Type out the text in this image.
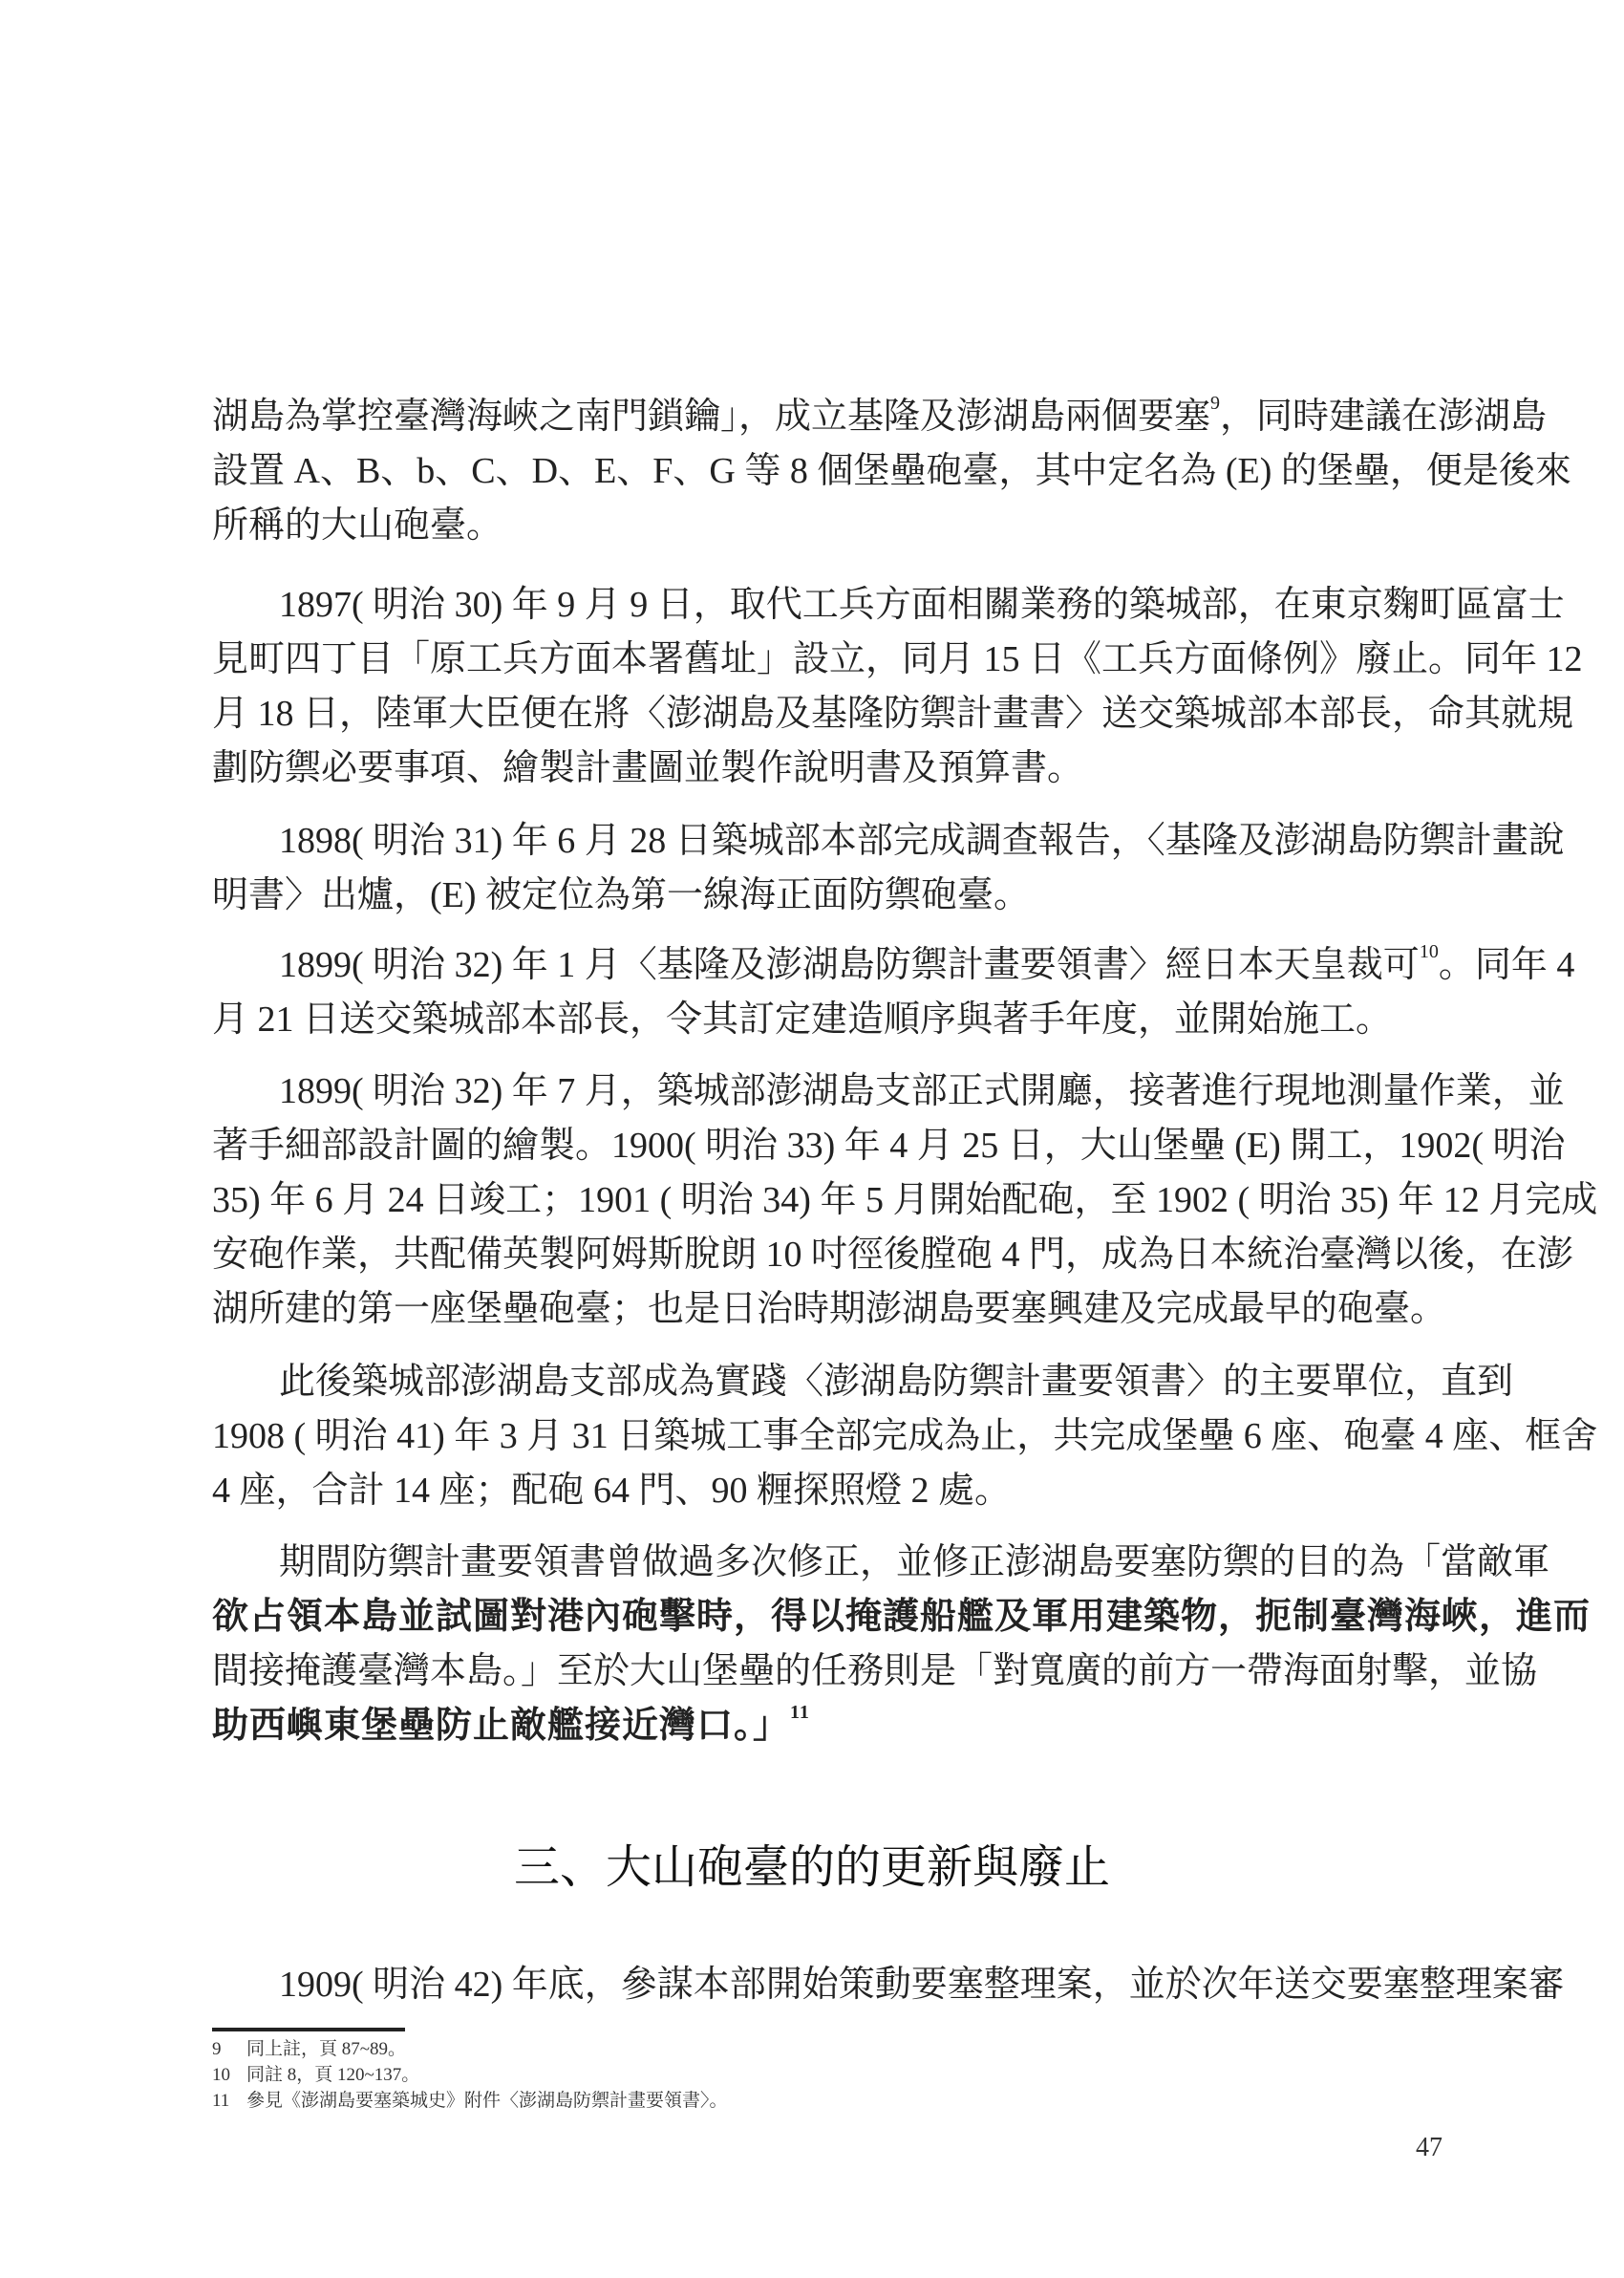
湖島為掌控臺灣海峽之南門鎖鑰」，成立基隆及澎湖島兩個要塞$^9$，同時建議在澎湖島
設置 A、B、b、C、D、E、F、G 等 8 個堡壘砲臺，其中定名為 (E) 的堡壘，便是後來
所稱的大山砲臺。
1897( 明治 30) 年 9 月 9 日，取代工兵方面相關業務的築城部，在東京麴町區富士
見町四丁目「原工兵方面本署舊址」設立，同月 15 日《工兵方面條例》廢止。同年 12
月 18 日，陸軍大臣便在將〈澎湖島及基隆防禦計畫書〉送交築城部本部長，命其就規
劃防禦必要事項、繪製計畫圖並製作說明書及預算書。
1898( 明治 31) 年 6 月 28 日築城部本部完成調查報告，〈基隆及澎湖島防禦計畫說
明書〉出爐，(E) 被定位為第一線海正面防禦砲臺。
1899( 明治 32) 年 1 月〈基隆及澎湖島防禦計畫要領書〉經日本天皇裁可$^{10}$。同年 4
月 21 日送交築城部本部長，令其訂定建造順序與著手年度，並開始施工。
1899( 明治 32) 年 7 月，築城部澎湖島支部正式開廳，接著進行現地測量作業，並
著手細部設計圖的繪製。1900( 明治 33) 年 4 月 25 日，大山堡壘 (E) 開工，1902( 明治
35) 年 6 月 24 日竣工；1901 ( 明治 34) 年 5 月開始配砲，至 1902 ( 明治 35) 年 12 月完成
安砲作業，共配備英製阿姆斯脫朗 10 吋徑後膛砲 4 門，成為日本統治臺灣以後，在澎
湖所建的第一座堡壘砲臺；也是日治時期澎湖島要塞興建及完成最早的砲臺。
此後築城部澎湖島支部成為實踐〈澎湖島防禦計畫要領書〉的主要單位，直到
1908 ( 明治 41) 年 3 月 31 日築城工事全部完成為止，共完成堡壘 6 座、砲臺 4 座、框舍
4 座，合計 14 座；配砲 64 門、90 糎探照燈 2 處。
期間防禦計畫要領書曾做過多次修正，並修正澎湖島要塞防禦的目的為「當敵軍
欲占領本島並試圖對港內砲擊時，得以掩護船艦及軍用建築物，扼制臺灣海峽，進而
間接掩護臺灣本島。」至於大山堡壘的任務則是「對寬廣的前方一帶海面射擊，並協
助西嶼東堡壘防止敵艦接近灣口。」$^{11}$
三、大山砲臺的的更新與廢止
1909( 明治 42) 年底，參謀本部開始策動要塞整理案，並於次年送交要塞整理案審
9 同上註，頁 87~89。
10 同註 8，頁 120~137。
11 參見《澎湖島要塞築城史》附件〈澎湖島防禦計畫要領書〉。
47
